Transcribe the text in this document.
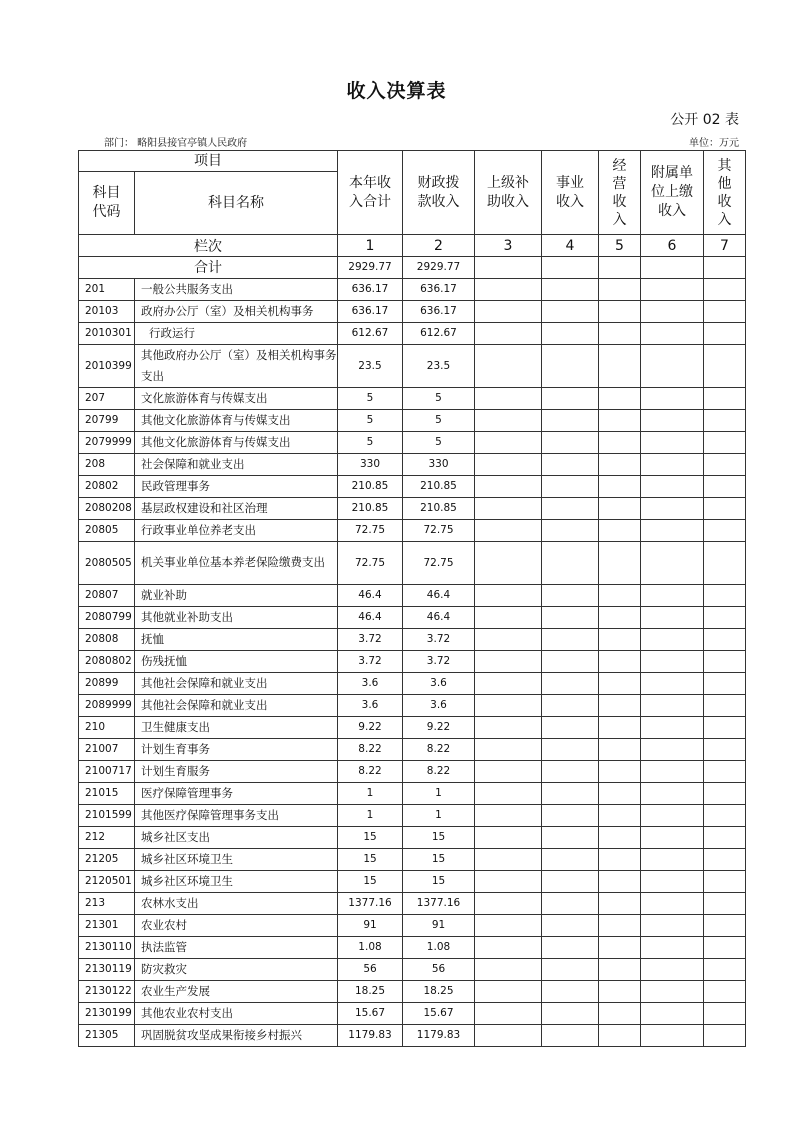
收入决算表
公开 02 表
部门： 略阳县接官亭镇人民政府	单位：万元
项目		本年收入合计	财政拨款收入	上级补助收入	事业收入	经营收入	附属单位上缴收入	其他收入

科目代码	科目名称							
栏次		1	2	3	4	5	6	7
合计		2929.77	2929.77					
201	一般公共服务支出	636.17	636.17					
20103	政府办公厅（室）及相关机构事务	636.17	636.17					
2010301	行政运行	612.67	612.67					
2010399	其他政府办公厅（室）及相关机构事务支出	23.5	23.5					
207	文化旅游体育与传媒支出	5	5					
20799	其他文化旅游体育与传媒支出	5	5					
2079999	其他文化旅游体育与传媒支出	5	5					
208	社会保障和就业支出	330	330					
20802	民政管理事务	210.85	210.85					
2080208	基层政权建设和社区治理	210.85	210.85					
20805	行政事业单位养老支出	72.75	72.75					
2080505	机关事业单位基本养老保险缴费支出	72.75	72.75					
20807	就业补助	46.4	46.4					
2080799	其他就业补助支出	46.4	46.4					
20808	抚恤	3.72	3.72					
2080802	伤残抚恤	3.72	3.72					
20899	其他社会保障和就业支出	3.6	3.6					
2089999	其他社会保障和就业支出	3.6	3.6					
210	卫生健康支出	9.22	9.22					
21007	计划生育事务	8.22	8.22					
2100717	计划生育服务	8.22	8.22					
21015	医疗保障管理事务	1	1					
2101599	其他医疗保障管理事务支出	1	1					
212	城乡社区支出	15	15					
21205	城乡社区环境卫生	15	15					
2120501	城乡社区环境卫生	15	15					
213	农林水支出	1377.16	1377.16					
21301	农业农村	91	91					
2130110	执法监管	1.08	1.08					
2130119	防灾救灾	56	56					
2130122	农业生产发展	18.25	18.25					
2130199	其他农业农村支出	15.67	15.67					
21305	巩固脱贫攻坚成果衔接乡村振兴	1179.83	1179.83					
